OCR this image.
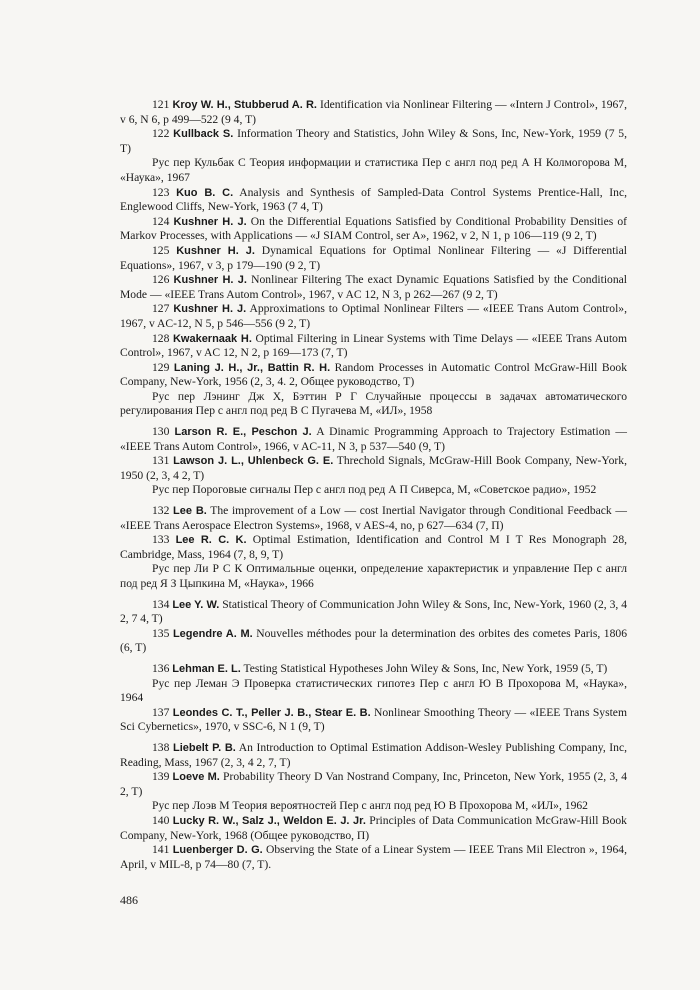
121 Kroy W. H., Stubberud A. R. Identification via Nonlinear Filtering — «Intern J Control», 1967, v 6, N 6, p 499—522 (9 4, T)
122 Kullback S. Information Theory and Statistics, John Wiley & Sons, Inc, New-York, 1959 (7 5, T)
Рус пер Кульбак С Теория информации и статистика Пер с англ под ред А Н Колмогорова М, «Наука», 1967
123 Kuo B. C. Analysis and Synthesis of Sampled-Data Control Systems Prentice-Hall, Inc, Englewood Cliffs, New-York, 1963 (7 4, T)
124 Kushner H. J. On the Differential Equations Satisfied by Conditional Probability Densities of Markov Processes, with Applications — «J SIAM Control, ser A», 1962, v 2, N 1, p 106—119 (9 2, T)
125 Kushner H. J. Dynamical Equations for Optimal Nonlinear Filtering — «J Differential Equations», 1967, v 3, p 179—190 (9 2, T)
126 Kushner H. J. Nonlinear Filtering The exact Dynamic Equations Satisfied by the Conditional Mode — «IEEE Trans Autom Control», 1967, v AC 12, N 3, p 262—267 (9 2, T)
127 Kushner H. J. Approximations to Optimal Nonlinear Filters — «IEEE Trans Autom Control», 1967, v AC-12, N 5, p 546—556 (9 2, T)
128 Kwakernaak H. Optimal Filtering in Linear Systems with Time Delays — «IEEE Trans Autom Control», 1967, v AC 12, N 2, p 169—173 (7, T)
129 Laning J. H., Jr., Battin R. H. Random Processes in Automatic Control McGraw-Hill Book Company, New-York, 1956 (2, 3, 4. 2, Общее руководство, T)
Рус пер Лэнинг Дж Х, Бэттин Р Г Случайные процессы в задачах автоматического регулирования Пер с англ под ред В С Пугачева М, «ИЛ», 1958
130 Larson R. E., Peschon J. A Dinamic Programming Approach to Trajectory Estimation — «IEEE Trans Autom Control», 1966, v AC-11, N 3, p 537—540 (9, T)
131 Lawson J. L., Uhlenbeck G. E. Threchold Signals, McGraw-Hill Book Company, New-York, 1950 (2, 3, 4 2, T)
Рус пер Пороговые сигналы Пер с англ под ред А П Сиверса, М, «Советское радио», 1952
132 Lee B. The improvement of a Low — cost Inertial Navigator through Conditional Feedback — «IEEE Trans Aerospace Electron Systems», 1968, v AES-4, no, p 627—634 (7, П)
133 Lee R. C. K. Optimal Estimation, Identification and Control M I T Res Monograph 28, Cambridge, Mass, 1964 (7, 8, 9, T)
Рус пер Ли Р С К Оптимальные оценки, определение характеристик и управление Пер с англ под ред Я З Цыпкина М, «Наука», 1966
134 Lee Y. W. Statistical Theory of Communication John Wiley & Sons, Inc, New-York, 1960 (2, 3, 4 2, 7 4, T)
135 Legendre A. M. Nouvelles méthodes pour la determination des orbites des cometes Paris, 1806 (6, T)
136 Lehman E. L. Testing Statistical Hypotheses John Wiley & Sons, Inc, New York, 1959 (5, T)
Рус пер Леман Э Проверка статистических гипотез Пер с англ Ю В Прохорова М, «Наука», 1964
137 Leondes C. T., Peller J. B., Stear E. B. Nonlinear Smoothing Theory — «IEEE Trans System Sci Cybernetics», 1970, v SSC-6, N 1 (9, T)
138 Liebelt P. B. An Introduction to Optimal Estimation Addison-Wesley Publishing Company, Inc, Reading, Mass, 1967 (2, 3, 4 2, 7, T)
139 Loeve M. Probability Theory D Van Nostrand Company, Inc, Princeton, New York, 1955 (2, 3, 4 2, T)
Рус пер Лоэв М Теория вероятностей Пер с англ под ред Ю В Прохорова М, «ИЛ», 1962
140 Lucky R. W., Salz J., Weldon E. J. Jr. Principles of Data Communication McGraw-Hill Book Company, New-York, 1968 (Общее руководство, П)
141 Luenberger D. G. Observing the State of a Linear System — IEEE Trans Mil Electron », 1964, April, v MIL-8, p 74—80 (7, T).
486
